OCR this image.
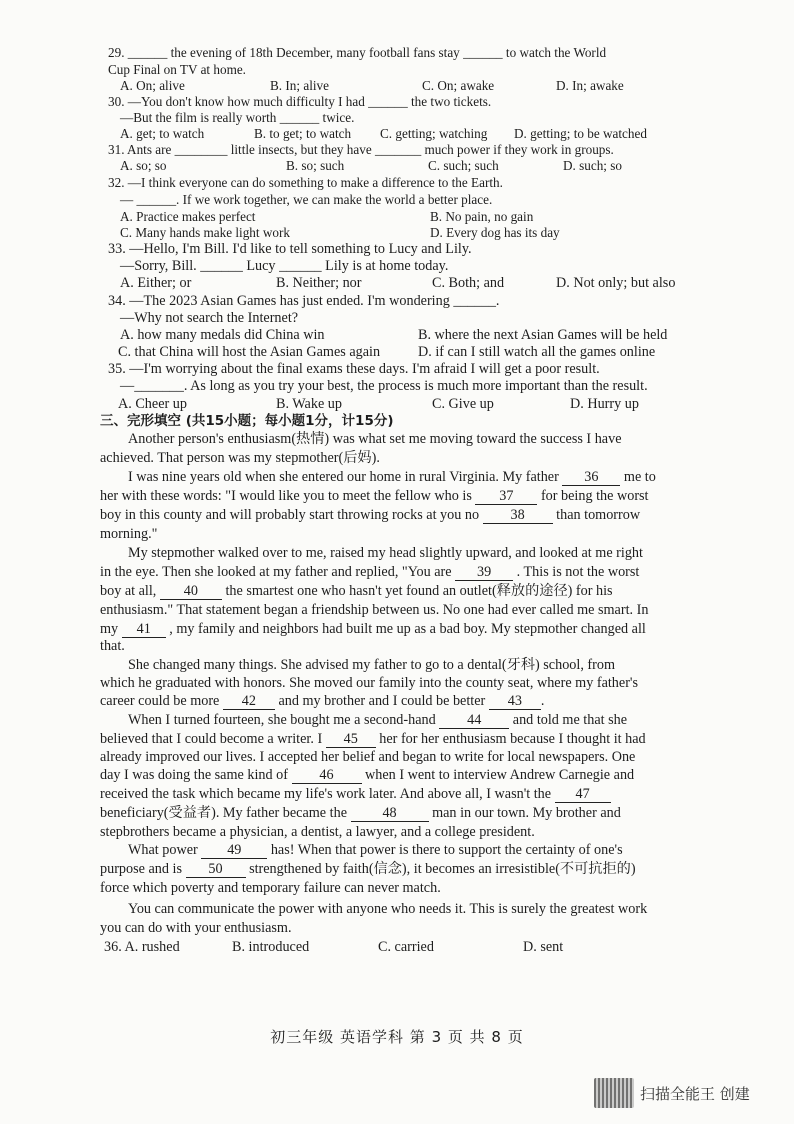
29. ______ the evening of 18th December, many football fans stay ______ to watch the World
Cup Final on TV at home.
A. On; alive	B. In; alive	C. On; awake	D. In; awake
30. —You don't know how much difficulty I had ______ the two tickets.
—But the film is really worth ______ twice.
A. get; to watch	B. to get; to watch C. getting; watching D. getting; to be watched
31. Ants are ________ little insects, but they have _______ much power if they work in groups.
A. so; so	B. so; such	C. such; such	D. such; so
32. —I think everyone can do something to make a difference to the Earth.
— ______. If we work together, we can make the world a better place.
A. Practice makes perfect	B. No pain, no gain
C. Many hands make light work	D. Every dog has its day
33. —Hello, I'm Bill. I'd like to tell something to Lucy and Lily.
—Sorry, Bill. ______ Lucy ______ Lily is at home today.
A. Either; or	B. Neither; nor	C. Both; and	D. Not only; but also
34. —The 2023 Asian Games has just ended. I'm wondering ______.
—Why not search the Internet?
A. how many medals did China win	B. where the next Asian Games will be held
C. that China will host the Asian Games again	D. if can I still watch all the games online
35. —I'm worrying about the final exams these days. I'm afraid I will get a poor result.
—_______. As long as you try your best, the process is much more important than the result.
A. Cheer up	B. Wake up	C. Give up	D. Hurry up
三、完形填空 (共15小题；每小题1分，计15分)
Another person's enthusiasm(热情) was what set me moving toward the success I have
achieved. That person was my stepmother(后妈).
I was nine years old when she entered our home in rural Virginia. My father 36 me to
her with these words: "I would like you to meet the fellow who is 37 for being the worst
boy in this county and will probably start throwing rocks at you no 38 than tomorrow
morning."
My stepmother walked over to me, raised my head slightly upward, and looked at me right
in the eye. Then she looked at my father and replied, "You are 39 . This is not the worst
boy at all, 40 the smartest one who hasn't yet found an outlet(释放的途径) for his
enthusiasm." That statement began a friendship between us. No one had ever called me smart. In
my 41 , my family and neighbors had built me up as a bad boy. My stepmother changed all
that.
She changed many things. She advised my father to go to a dental(牙科) school, from
which he graduated with honors. She moved our family into the county seat, where my father's
career could be more 42 and my brother and I could be better 43 .
When I turned fourteen, she bought me a second-hand 44 and told me that she
believed that I could become a writer. I 45 her for her enthusiasm because I thought it had
already improved our lives. I accepted her belief and began to write for local newspapers. One
day I was doing the same kind of 46 when I went to interview Andrew Carnegie and
received the task which became my life's work later. And above all, I wasn't the 47
beneficiary(受益者). My father became the 48 man in our town. My brother and
stepbrothers became a physician, a dentist, a lawyer, and a college president.
What power 49 has! When that power is there to support the certainty of one's
purpose and is 50 strengthened by faith(信念), it becomes an irresistible(不可抗拒的)
force which poverty and temporary failure can never match.
You can communicate the power with anyone who needs it. This is surely the greatest work
you can do with your enthusiasm.
36. A. rushed	B. introduced	C. carried	D. sent
初三年级 英语学科 第 3 页 共 8 页
扫描全能王 创建
